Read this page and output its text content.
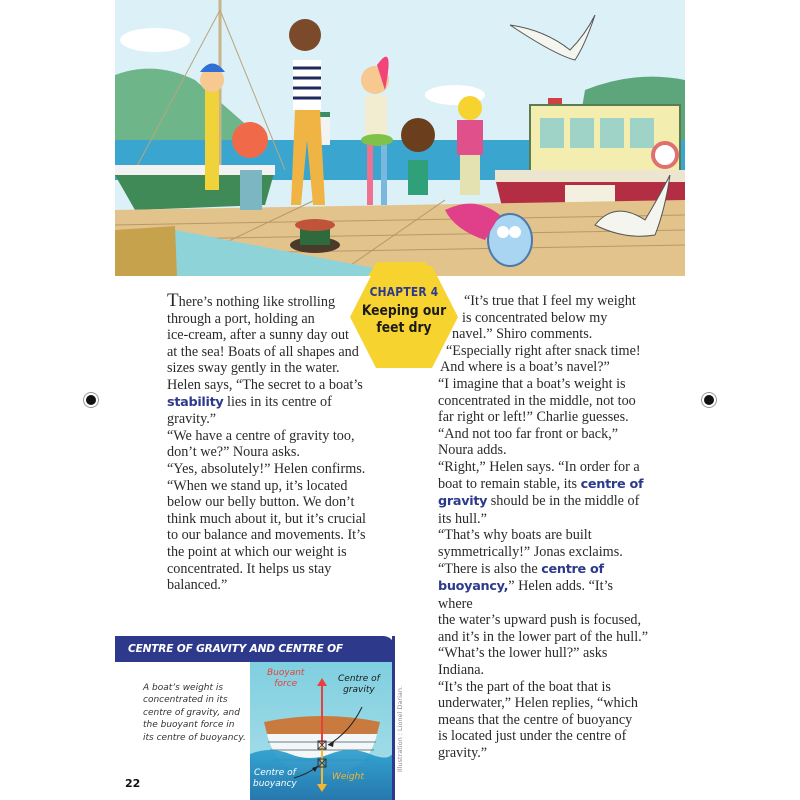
CHAPTER 4
Keeping our
feet dry

There’s nothing like strolling

through a port, holding an

ice-cream, after a sunny day out

at the sea! Boats of all shapes and

sizes sway gently in the water.

Helen says, “The secret to a boat’s

stability lies in its centre of gravity.”

“We have a centre of gravity too,

don’t we?” Noura asks.

“Yes, absolutely!” Helen confirms.

“When we stand up, it’s located

below our belly button. We don’t

think much about it, but it’s crucial

to our balance and movements. It’s

the point at which our weight is

concentrated. It helps us stay

balanced.”

“It’s true that I feel my weight

is concentrated below my

navel.” Shiro comments.

“Especially right after snack time!

And where is a boat’s navel?”

“I imagine that a boat’s weight is

concentrated in the middle, not too

far right or left!” Charlie guesses.

“And not too far front or back,”

Noura adds.

“Right,” Helen says. “In order for a

boat to remain stable, its centre of

gravity should be in the middle of

its hull.”

“That’s why boats are built

symmetrically!” Jonas exclaims.

“There is also the centre of

buoyancy,” Helen adds. “It’s where

the water’s upward push is focused,

and it’s in the lower part of the hull.”

“What’s the lower hull?” asks

Indiana.

“It’s the part of the boat that is

underwater,” Helen replies, “which

means that the centre of buoyancy

is located just under the centre of

gravity.”

CENTRE OF GRAVITY AND CENTRE OF BUOYANCY
A boat’s weight is
concentrated in its
centre of gravity, and
the buoyant force in
its centre of buoyancy.
Buoyant
force	Centre of
gravity
Centre of
buoyancy
Weight
Illustration : Lionel Darian.
22
